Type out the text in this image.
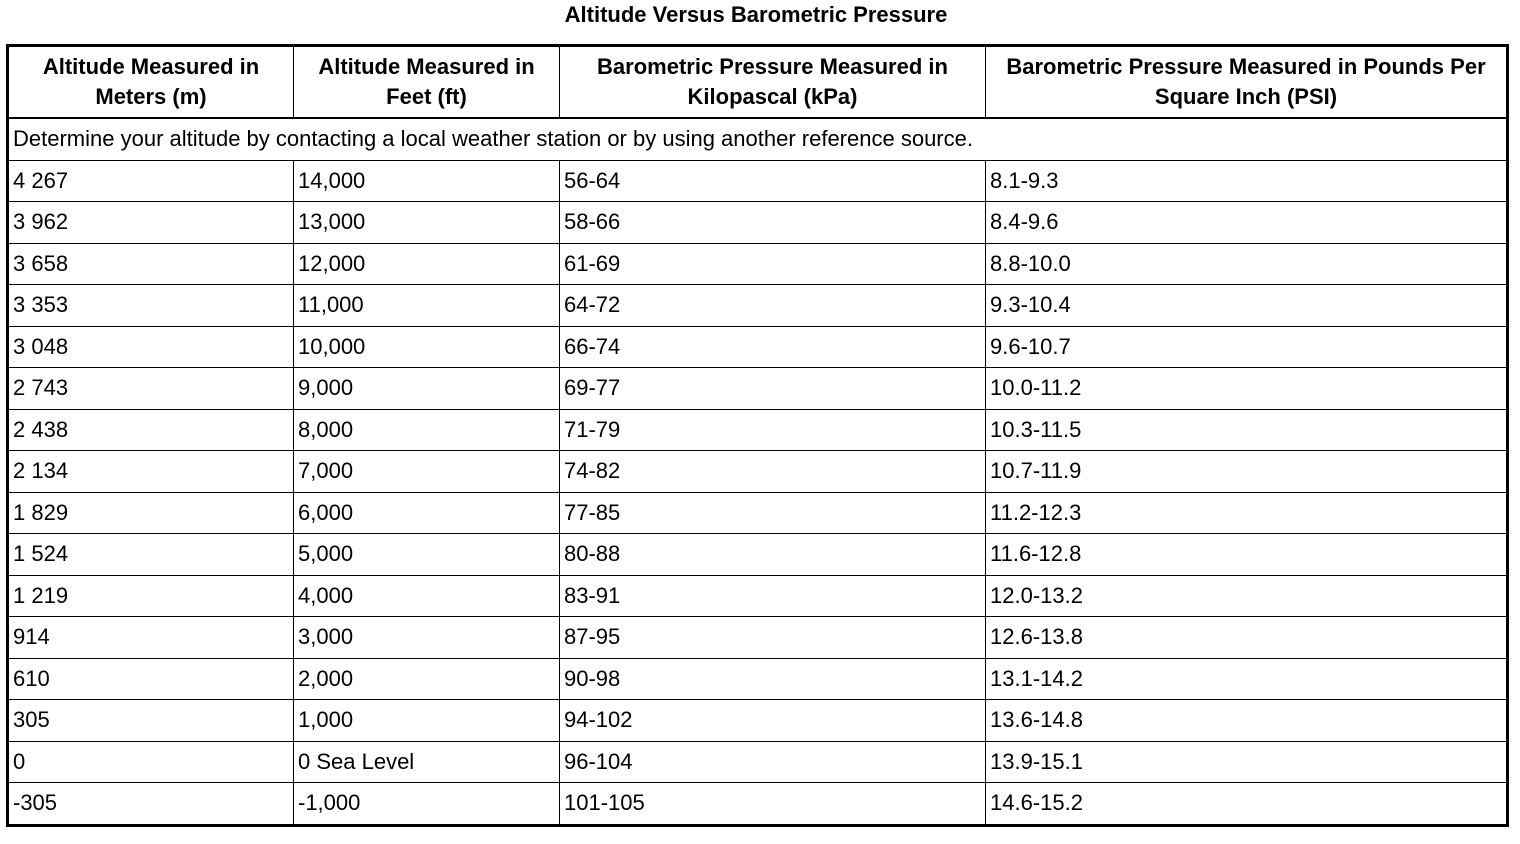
Altitude Versus Barometric Pressure
Altitude Measured in Meters (m)	Altitude Measured in Feet (ft)	Barometric Pressure Measured in Kilopascal (kPa)	Barometric Pressure Measured in Pounds Per Square Inch (PSI)
Determine your altitude by contacting a local weather station or by using another reference source.			
4 267	14,000	56-64	8.1-9.3
3 962	13,000	58-66	8.4-9.6
3 658	12,000	61-69	8.8-10.0
3 353	11,000	64-72	9.3-10.4
3 048	10,000	66-74	9.6-10.7
2 743	9,000	69-77	10.0-11.2
2 438	8,000	71-79	10.3-11.5
2 134	7,000	74-82	10.7-11.9
1 829	6,000	77-85	11.2-12.3
1 524	5,000	80-88	11.6-12.8
1 219	4,000	83-91	12.0-13.2
914	3,000	87-95	12.6-13.8
610	2,000	90-98	13.1-14.2
305	1,000	94-102	13.6-14.8
0	0 Sea Level	96-104	13.9-15.1
-305	-1,000	101-105	14.6-15.2
